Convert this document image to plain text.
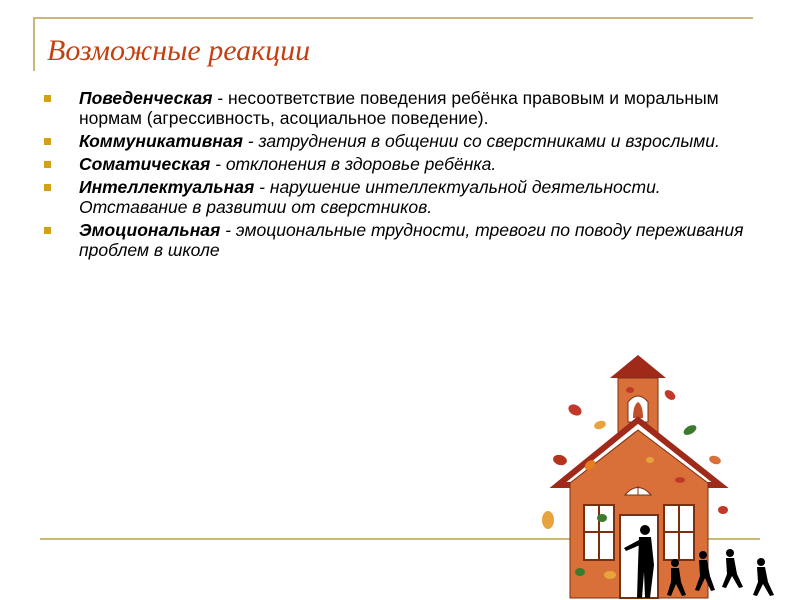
Возможные реакции
Поведенческая - несоответствие поведения ребёнка правовым и моральным нормам (агрессивность, асоциальное поведение).
Коммуникативная - затруднения в общении со сверстниками и взрослыми.
Соматическая - отклонения в здоровье ребёнка.
Интеллектуальная - нарушение интеллектуальной деятельности. Отставание в развитии от сверстников.
Эмоциональная - эмоциональные трудности, тревоги по поводу переживания проблем в школе
